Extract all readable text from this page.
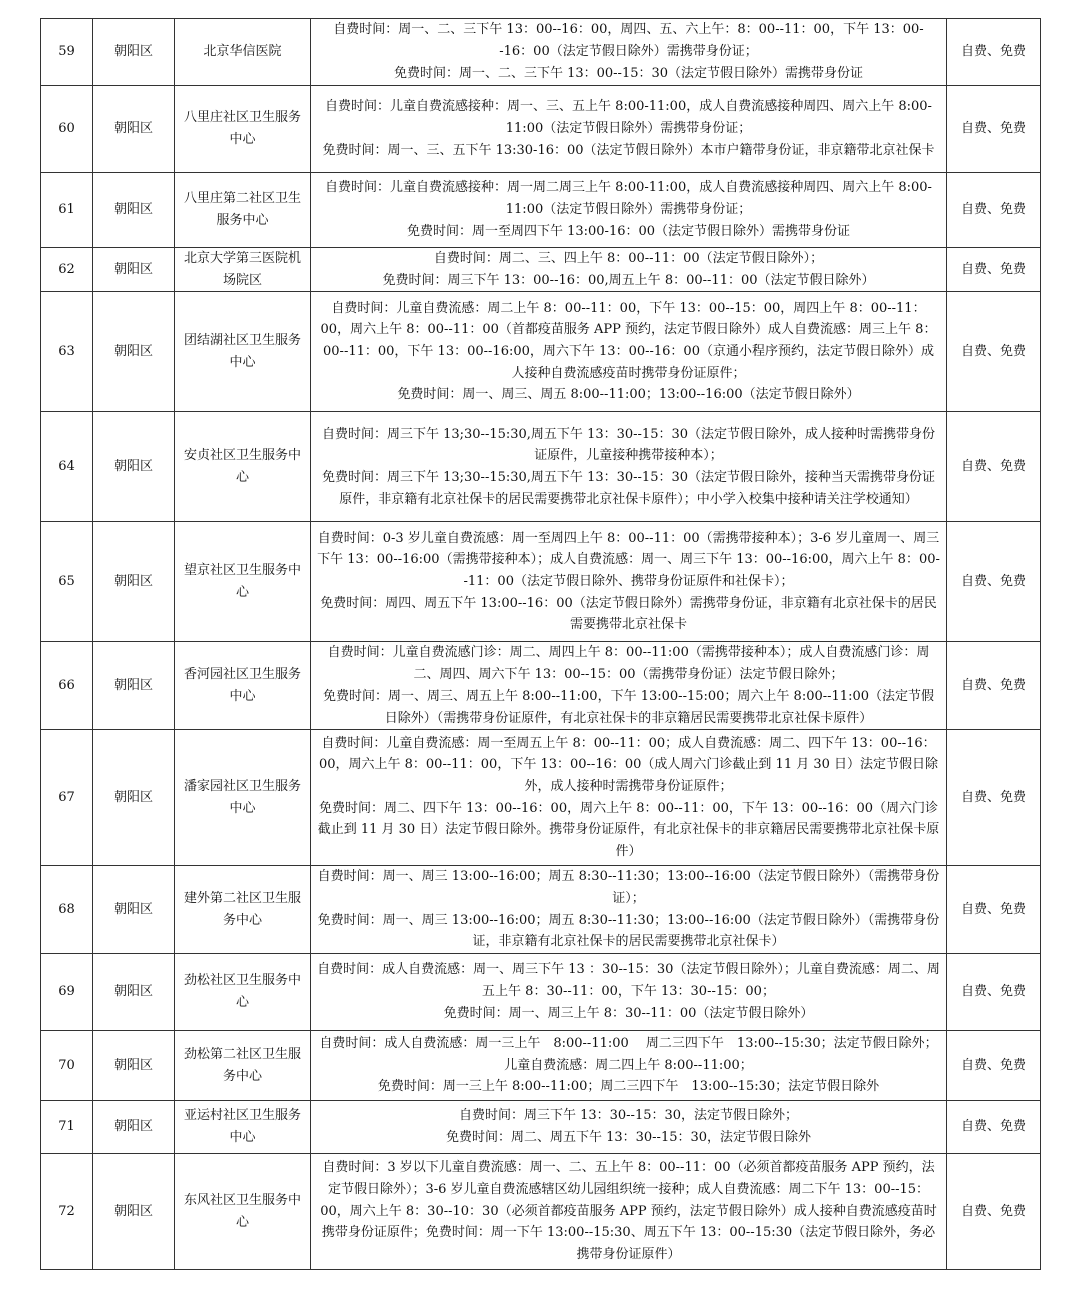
59	朝阳区	北京华信医院	自费时间：周一、二、三下午 13：00--16：00，周四、五、六上午：8：00--11：00，下午 13：00--16：00（法定节假日除外）需携带身份证；
免费时间：周一、二、三下午 13：00--15：30（法定节假日除外）需携带身份证	自费、免费
60	朝阳区	八里庄社区卫生服务中心	自费时间：儿童自费流感接种：周一、三、五上午 8:00-11:00，成人自费流感接种周四、周六上午 8:00-11:00（法定节假日除外）需携带身份证；
免费时间：周一、三、五下午 13:30-16：00（法定节假日除外）本市户籍带身份证，非京籍带北京社保卡	自费、免费
61	朝阳区	八里庄第二社区卫生服务中心	自费时间：儿童自费流感接种：周一周二周三上午 8:00-11:00，成人自费流感接种周四、周六上午 8:00-11:00（法定节假日除外）需携带身份证；
免费时间：周一至周四下午 13:00-16：00（法定节假日除外）需携带身份证	自费、免费
62	朝阳区	北京大学第三医院机场院区	自费时间：周二、三、四上午 8：00--11：00（法定节假日除外）；
免费时间：周三下午 13：00--16：00,周五上午 8：00--11：00（法定节假日除外）	自费、免费
63	朝阳区	团结湖社区卫生服务中心	自费时间：儿童自费流感：周二上午 8：00--11：00，下午 13：00--15：00，周四上午 8：00--11：00，周六上午 8：00--11：00（首都疫苗服务 APP 预约，法定节假日除外）成人自费流感：周三上午 8：00--11：00，下午 13：00--16:00，周六下午 13：00--16：00（京通小程序预约，法定节假日除外）成人接种自费流感疫苗时携带身份证原件；
免费时间：周一、周三、周五 8:00--11:00；13:00--16:00（法定节假日除外）	自费、免费
64	朝阳区	安贞社区卫生服务中心	自费时间：周三下午 13;30--15:30,周五下午 13：30--15：30（法定节假日除外，成人接种时需携带身份证原件，儿童接种携带接种本）；
免费时间：周三下午 13;30--15:30,周五下午 13：30--15：30（法定节假日除外，接种当天需携带身份证原件，非京籍有北京社保卡的居民需要携带北京社保卡原件）；中小学入校集中接种请关注学校通知）	自费、免费
65	朝阳区	望京社区卫生服务中心	自费时间：0-3 岁儿童自费流感：周一至周四上午 8：00--11：00（需携带接种本）；3-6 岁儿童周一、周三下午 13：00--16:00（需携带接种本）；成人自费流感：周一、周三下午 13：00--16:00，周六上午 8：00--11：00（法定节假日除外、携带身份证原件和社保卡）；
免费时间：周四、周五下午 13:00--16：00（法定节假日除外）需携带身份证，非京籍有北京社保卡的居民需要携带北京社保卡	自费、免费
66	朝阳区	香河园社区卫生服务中心	自费时间：儿童自费流感门诊：周二、周四上午 8：00--11:00（需携带接种本）；成人自费流感门诊：周二、周四、周六下午 13：00--15：00（需携带身份证）法定节假日除外；
免费时间：周一、周三、周五上午 8:00--11:00，下午 13:00--15:00；周六上午 8:00--11:00（法定节假日除外）（需携带身份证原件，有北京社保卡的非京籍居民需要携带北京社保卡原件）	自费、免费
67	朝阳区	潘家园社区卫生服务中心	自费时间：儿童自费流感：周一至周五上午 8：00--11：00；成人自费流感：周二、四下午 13：00--16：00，周六上午 8：00--11：00，下午 13：00--16：00（成人周六门诊截止到 11 月 30 日）法定节假日除外，成人接种时需携带身份证原件；
免费时间：周二、四下午 13：00--16：00，周六上午 8：00--11：00，下午 13：00--16：00（周六门诊截止到 11 月 30 日）法定节假日除外。携带身份证原件，有北京社保卡的非京籍居民需要携带北京社保卡原件）	自费、免费
68	朝阳区	建外第二社区卫生服务中心	自费时间：周一、周三 13:00--16:00；周五 8:30--11:30；13:00--16:00（法定节假日除外）（需携带身份证）；
免费时间：周一、周三 13:00--16:00；周五 8:30--11:30；13:00--16:00（法定节假日除外）（需携带身份证，非京籍有北京社保卡的居民需要携带北京社保卡）	自费、免费
69	朝阳区	劲松社区卫生服务中心	自费时间：成人自费流感：周一、周三下午 13 ：30--15：30（法定节假日除外）；儿童自费流感：周二、周五上午 8：30--11：00，下午 13：30--15：00；
免费时间：周一、周三上午 8：30--11：00（法定节假日除外）	自费、免费
70	朝阳区	劲松第二社区卫生服务中心	自费时间：成人自费流感：周一三上午　8:00--11:00　 周二三四下午　13:00--15:30；法定节假日除外；儿童自费流感：周二四上午 8:00--11:00；
免费时间：周一三上午 8:00--11:00；周二三四下午　13:00--15:30；法定节假日除外	自费、免费
71	朝阳区	亚运村社区卫生服务中心	自费时间：周三下午 13：30--15：30，法定节假日除外；
免费时间：周二、周五下午 13：30--15：30，法定节假日除外	自费、免费
72	朝阳区	东风社区卫生服务中心	自费时间：3 岁以下儿童自费流感：周一、二、五上午 8：00--11：00（必须首都疫苗服务 APP 预约，法定节假日除外）；3-6 岁儿童自费流感辖区幼儿园组织统一接种；成人自费流感：周二下午 13：00--15：00，周六上午 8：30--10：30（必须首都疫苗服务 APP 预约，法定节假日除外）成人接种自费流感疫苗时携带身份证原件；免费时间：周一下午 13:00--15:30、周五下午 13：00--15:30（法定节假日除外，务必携带身份证原件）	自费、免费
